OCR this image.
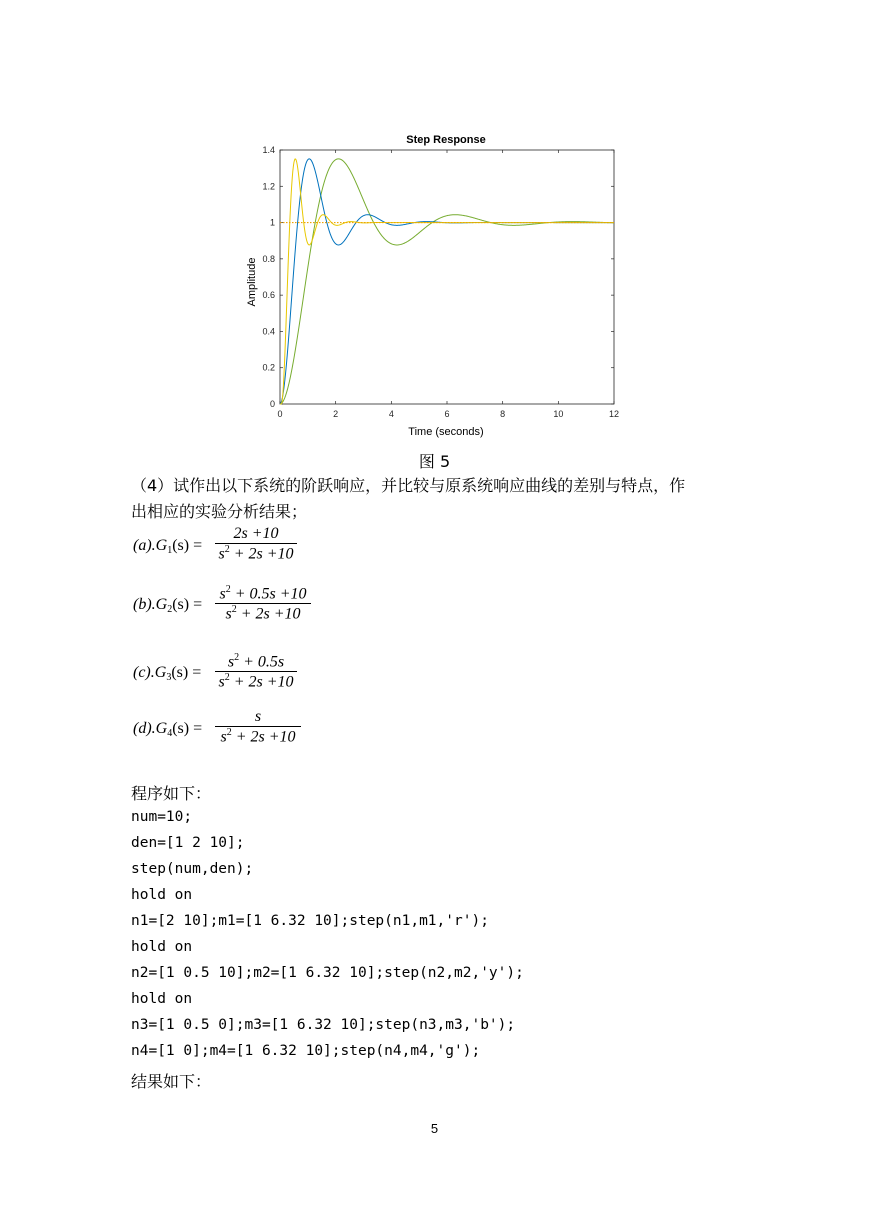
Step Response
Amplitude
Time (seconds)
0	2	4	6	8	10	12
0
0.2
0.4
0.6
0.8
1
1.2
1.4
图 5
（4）试作出以下系统的阶跃响应，并比较与原系统响应曲线的差别与特点，作
出相应的实验分析结果；
$(a).G_1(s)$ =
2s +10
$s^2 + 2s +10$
$(b).G_2(s)$ =
$s^2 + 0.5s +10$
$s^2 + 2s +10$
$(c).G_3(s)$ =
$s^2 + 0.5s$
$s^2 + 2s +10$
$(d).G_4(s)$ =
s
$s^2 + 2s +10$
程序如下：
num=10;
den=[1 2 10];
step(num,den);
hold on
n1=[2 10];m1=[1 6.32 10];step(n1,m1,'r');
hold on
n2=[1 0.5 10];m2=[1 6.32 10];step(n2,m2,'y');
hold on
n3=[1 0.5 0];m3=[1 6.32 10];step(n3,m3,'b');
n4=[1 0];m4=[1 6.32 10];step(n4,m4,'g');
结果如下：
5
